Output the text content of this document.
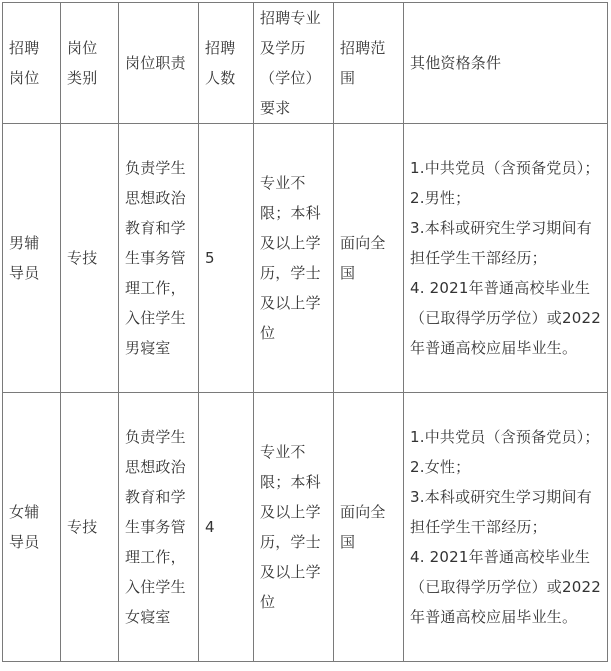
招聘岗位	岗位类别	岗位职责	招聘人数	招聘专业及学历（学位）要求	招聘范围	其他资格条件

男辅导员	专技	负责学生思想政治教育和学生事务管理工作，入住学生男寝室	5	专业不限；本科及以上学历，学士及以上学位	面向全国	1.中共党员（含预备党员）；
2.男性；
3.本科或研究生学习期间有担任学生干部经历；
4. 2021年普通高校毕业生（已取得学历学位）或2022年普通高校应届毕业生。

女辅导员	专技	负责学生思想政治教育和学生事务管理工作，入住学生女寝室	4	专业不限；本科及以上学历，学士及以上学位	面向全国	1.中共党员（含预备党员）；
2.女性；
3.本科或研究生学习期间有担任学生干部经历；
4. 2021年普通高校毕业生（已取得学历学位）或2022年普通高校应届毕业生。
